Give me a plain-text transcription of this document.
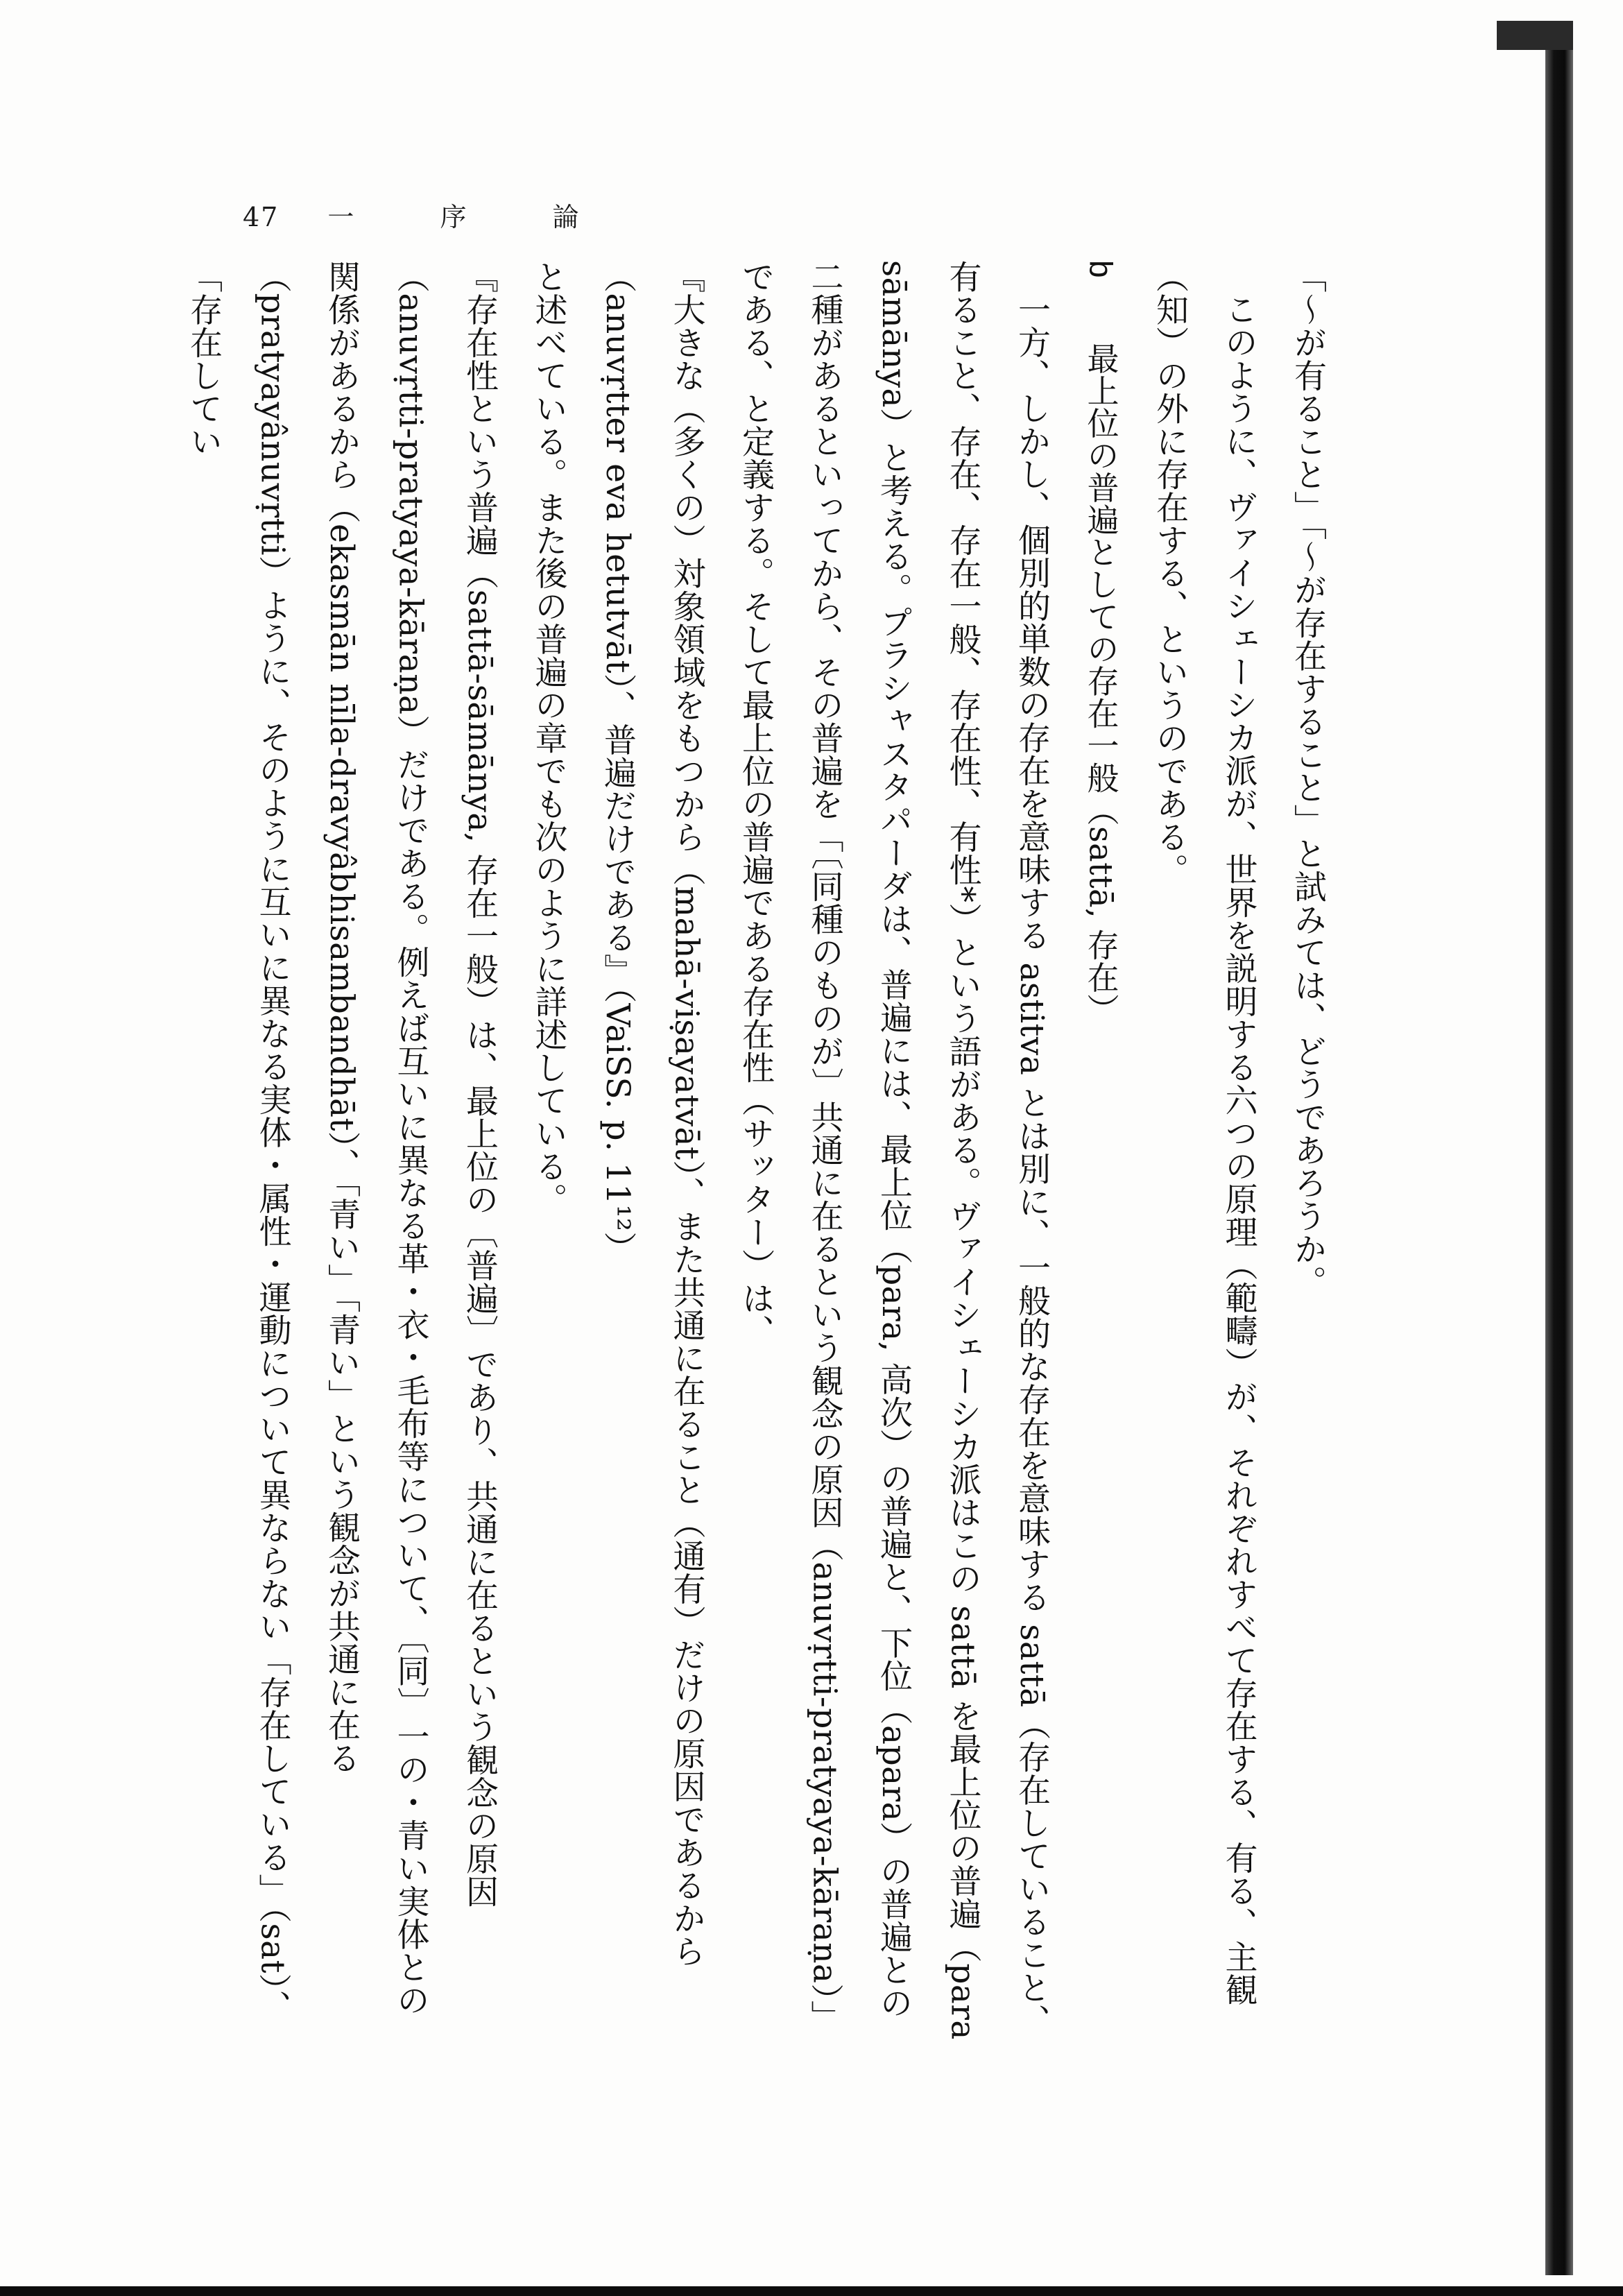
47 一 序 論

「〜が有ること」「〜が存在すること」と試みては、どうであろうか。

このように、ヴァイシェーシカ派が、世界を説明する六つの原理（範疇）が、それぞれすべて存在する、有る、主観（知）の外に存在する、というのである。

b　最上位の普遍としての存在一般（sattā, 存在）

一方、しかし、個別的単数の存在を意味する astitva とは別に、一般的な存在を意味する sattā（存在していること、有ること、存在、存在一般、存在性、有性*）という語がある。ヴァイシェーシカ派はこの sattā を最上位の普遍（para sāmānya）と考える。プラシャスタパーダは、普遍には、最上位（para, 高次）の普遍と、下位（apara）の普遍との二種があるといってから、その普遍を「〔同種のものが〕共通に在るという観念の原因（anuvṛtti-pratyaya-kāraṇa）」である、と定義する。そして最上位の普遍である存在性（サッター）は、

『大きな（多くの）対象領域をもつから（mahā-viṣayatvāt）、また共通に在ること（通有）だけの原因であるから（anuvṛtter eva hetutvāt）、普遍だけである』（VaiSS. p. 11¹²）

と述べている。また後の普遍の章でも次のように詳述している。

『存在性という普遍（sattā-sāmānya, 存在一般）は、最上位の〔普遍〕であり、共通に在るという観念の原因（anuvṛtti-pratyaya-kāraṇa）だけである。例えば互いに異なる革・衣・毛布等について、〔同〕一の・青い実体との関係があるから（ekasmān nīla-dravyâbhisambandhāt）、「青い」「青い」という観念が共通に在る（pratyayânuvṛtti）ように、そのように互いに異なる実体・属性・運動について異ならない「存在している」（sat）、「存在してい
